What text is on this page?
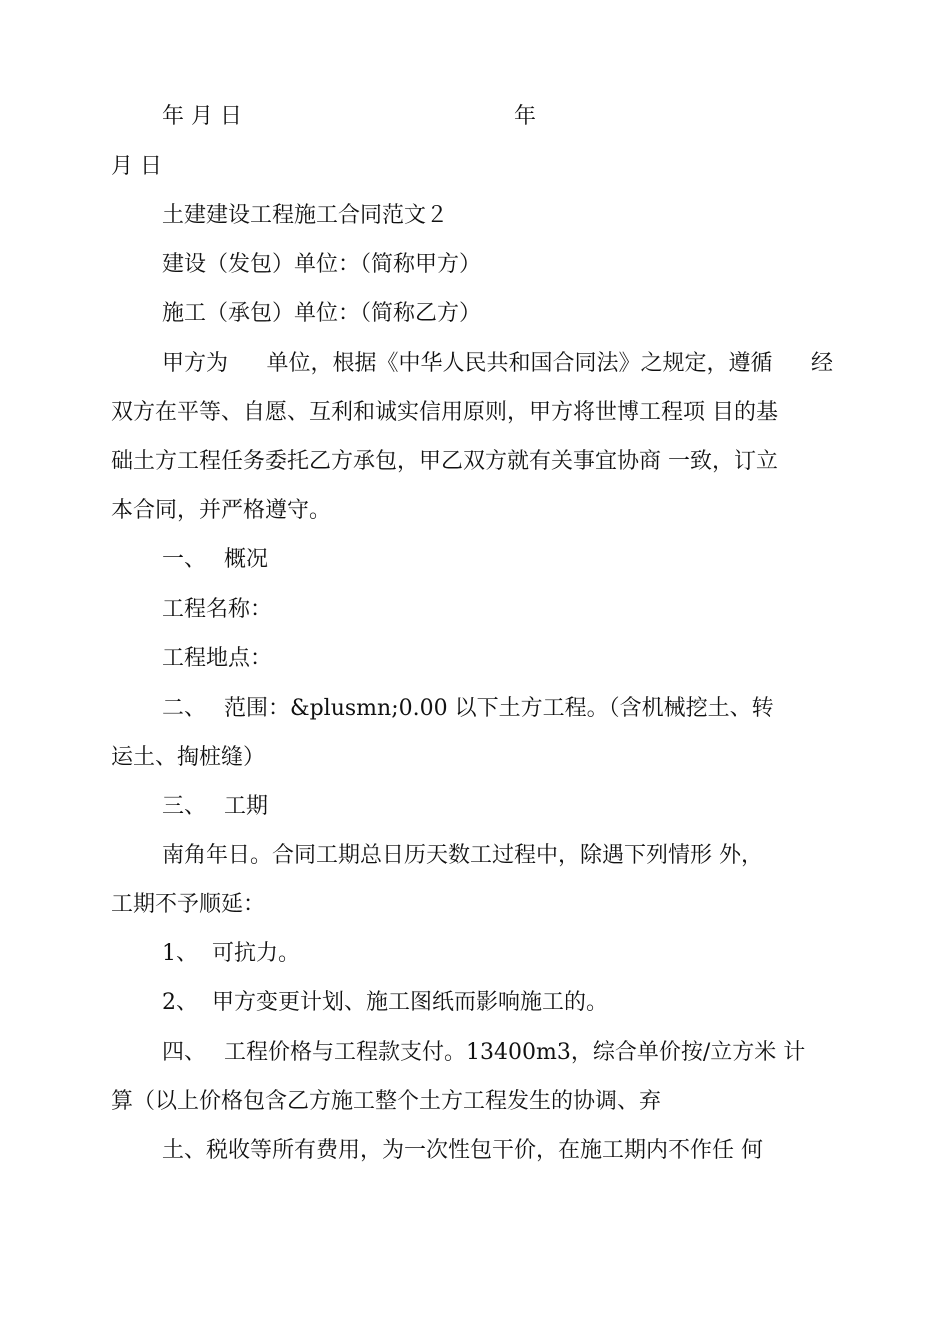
年 月 日	年
月 日
土建建设工程施工合同范文２
建设（发包）单位：（简称甲方）
施工（承包）单位：（简称乙方）
甲方为 单位，根据《中华人民共和国合同法》之规定，遵循 经
双方在平等、自愿、互利和诚实信用原则，甲方将世博工程项 目的基
础土方工程任务委托乙方承包，甲乙双方就有关事宜协商 一致，订立
本合同，并严格遵守。
一、 概况
工程名称：
工程地点：
二、 范围：&plusmn;0.00 以下土方工程。（含机械挖土、转
运土、掏桩缝）
三、 工期
南角年日。合同工期总日历天数工过程中，除遇下列情形 外，
工期不予顺延：
1、 可抗力。
2、 甲方变更计划、施工图纸而影响施工的。
四、 工程价格与工程款支付。13400m3，综合单价按/立方米 计
算（以上价格包含乙方施工整个土方工程发生的协调、弃
土、税收等所有费用，为一次性包干价，在施工期内不作任 何
